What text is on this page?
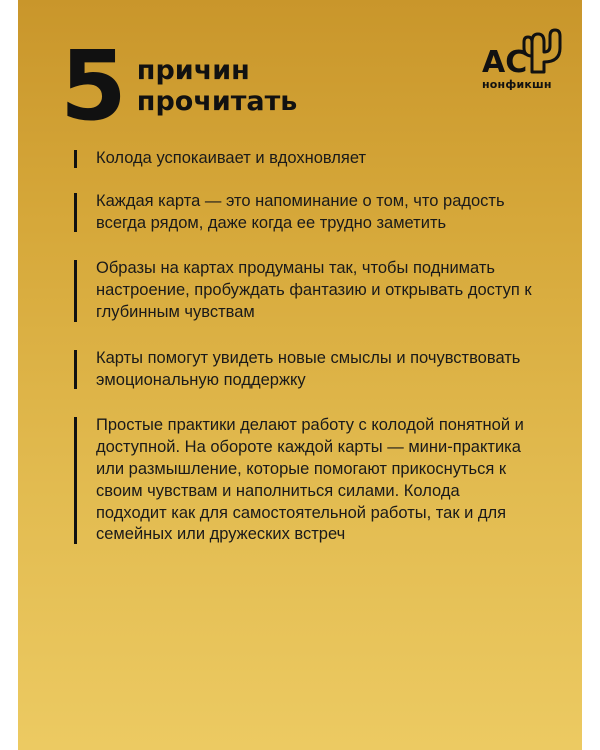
5 причин
прочитать
AC
нонфикшн
Колода успокаивает и вдохновляет
Каждая карта — это напоминание о том, что радость всегда рядом, даже когда ее трудно заметить
Образы на картах продуманы так, чтобы поднимать настроение, пробуждать фантазию и открывать доступ к глубинным чувствам
Карты помогут увидеть новые смыслы и почувствовать эмоциональную поддержку
Простые практики делают работу с колодой понятной и доступной. На обороте каждой карты — мини-практика или размышление, которые помогают прикоснуться к своим чувствам и наполниться силами. Колода подходит как для самостоятельной работы, так и для семейных или дружеских встреч
